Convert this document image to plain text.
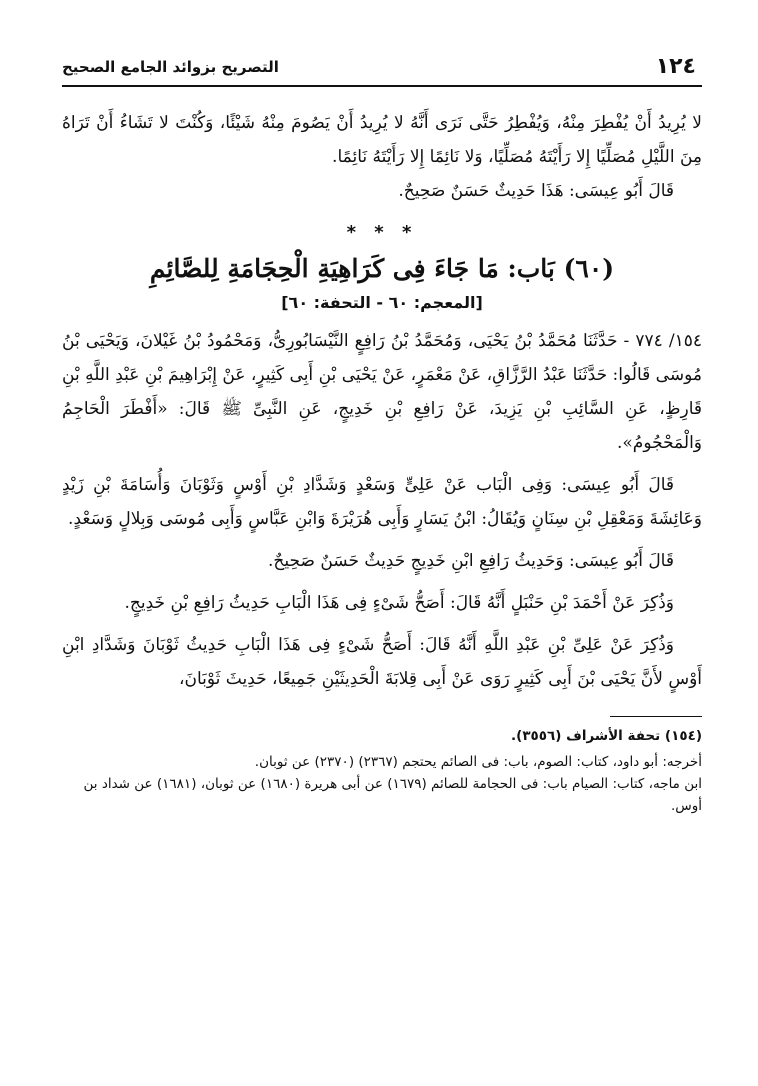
١٢٤
التصريح بزوائد الجامع الصحيح

لا يُرِيدُ أَنْ يُفْطِرَ مِنْهُ، وَيُفْطِرُ حَتَّى نَرَى أَنَّهُ لا يُرِيدُ أَنْ يَصُومَ مِنْهُ شَيْئًا، وَكُنْتَ لا تَشَاءُ أَنْ تَرَاهُ مِنَ اللَّيْلِ مُصَلِّيًا إِلا رَأَيْتَهُ مُصَلِّيًا، وَلا نَائِمًا إِلا رَأَيْتَهُ نَائِمًا.

قَالَ أَبُو عِيسَى: هَذَا حَدِيثٌ حَسَنٌ صَحِيحٌ.

* * *
(٦٠) بَاب: مَا جَاءَ فِى كَرَاهِيَةِ الْحِجَامَةِ لِلصَّائِمِ
[المعجم: ٦٠ - التحفة: ٦٠]

١٥٤/ ٧٧٤ - حَدَّثَنَا مُحَمَّدُ بْنُ يَحْيَى، وَمُحَمَّدُ بْنُ رَافِعٍ النَّيْسَابُورِىُّ، وَمَحْمُودُ بْنُ غَيْلانَ، وَيَحْيَى بْنُ مُوسَى قَالُوا: حَدَّثَنَا عَبْدُ الرَّزَّاقِ، عَنْ مَعْمَرٍ، عَنْ يَحْيَى بْنِ أَبِى كَثِيرٍ، عَنْ إِبْرَاهِيمَ بْنِ عَبْدِ اللَّهِ بْنِ قَارِظٍ، عَنِ السَّائِبِ بْنِ يَزِيدَ، عَنْ رَافِعِ بْنِ خَدِيجٍ، عَنِ النَّبِىِّ ﷺ قَالَ: «أَفْطَرَ الْحَاجِمُ وَالْمَحْجُومُ».

قَالَ أَبُو عِيسَى: وَفِى الْبَاب عَنْ عَلِىٍّ وَسَعْدٍ وَشَدَّادِ بْنِ أَوْسٍ وَثَوْبَانَ وَأُسَامَةَ بْنِ زَيْدٍ وَعَائِشَةَ وَمَعْقِلِ بْنِ سِنَانٍ وَيُقَالُ: ابْنُ يَسَارٍ وَأَبِى هُرَيْرَةَ وَابْنِ عَبَّاسٍ وَأَبِى مُوسَى وَبِلالٍ وَسَعْدٍ.

قَالَ أَبُو عِيسَى: وَحَدِيثُ رَافِعِ ابْنِ خَدِيجٍ حَدِيثٌ حَسَنٌ صَحِيحٌ.

وَذُكِرَ عَنْ أَحْمَدَ بْنِ حَنْبَلٍ أَنَّهُ قَالَ: أَصَحُّ شَىْءٍ فِى هَذَا الْبَابِ حَدِيثُ رَافِعِ بْنِ خَدِيجٍ.

وَذُكِرَ عَنْ عَلِىِّ بْنِ عَبْدِ اللَّهِ أَنَّهُ قَالَ: أَصَحُّ شَىْءٍ فِى هَذَا الْبَابِ حَدِيثُ ثَوْبَانَ وَشَدَّادِ ابْنِ أَوْسٍ لأَنَّ يَحْيَى بْنَ أَبِى كَثِيرٍ رَوَى عَنْ أَبِى قِلابَةَ الْحَدِيثَيْنِ جَمِيعًا، حَدِيثَ ثَوْبَانَ،

(١٥٤) تحفة الأشراف (٣٥٥٦).

أخرجه: أبو داود، كتاب: الصوم، باب: فى الصائم يحتجم (٢٣٦٧) (٢٣٧٠) عن ثوبان.

ابن ماجه، كتاب: الصيام باب: فى الحجامة للصائم (١٦٧٩) عن أبى هريرة (١٦٨٠) عن ثوبان، (١٦٨١) عن شداد بن أوس.
